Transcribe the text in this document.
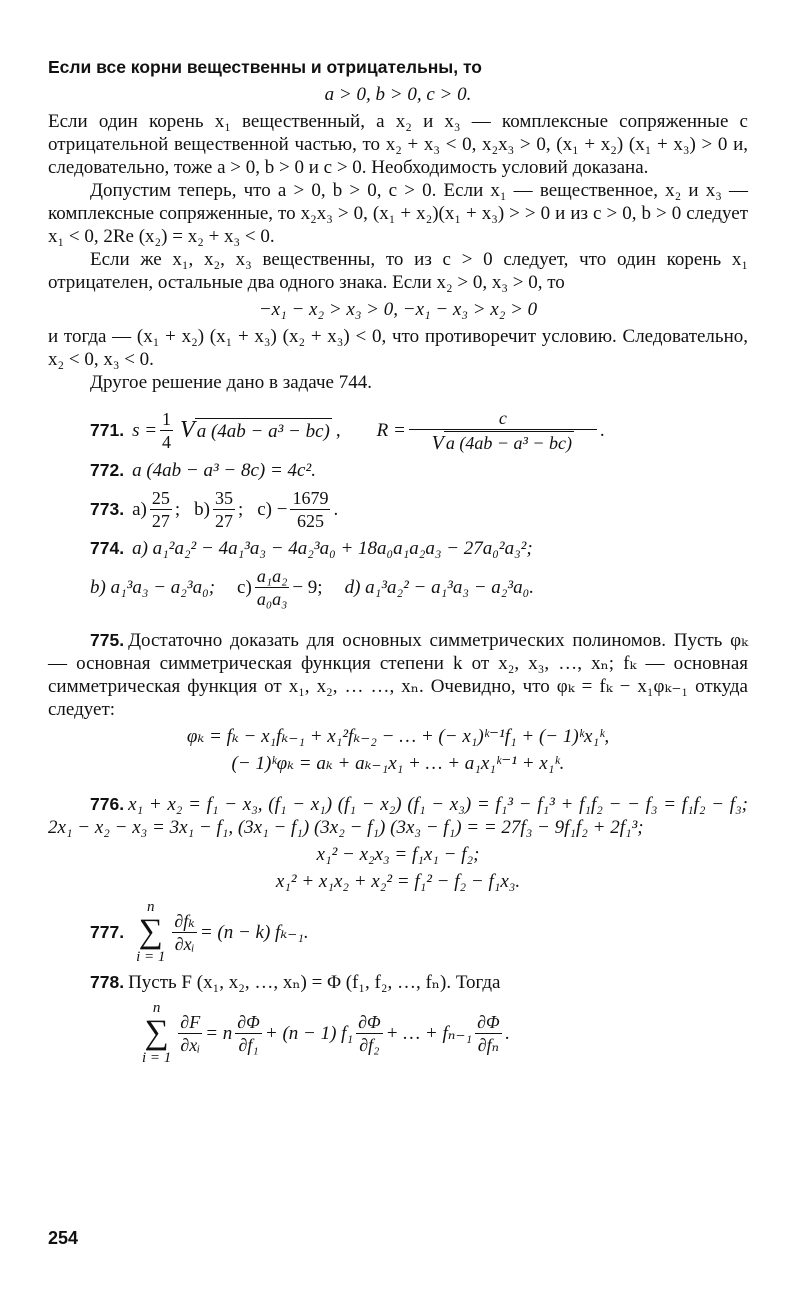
Если все корни вещественны и отрицательны, то

a > 0, b > 0, c > 0.

Если один корень x₁ вещественный, а x₂ и x₃ — комплексные сопряженные с отрицательной вещественной частью, то x₂ + x₃ < 0, x₂x₃ > 0, (x₁ + x₂) (x₁ + x₃) > 0 и, следовательно, тоже a > 0, b > 0 и c > 0. Необходимость условий доказана.

Допустим теперь, что a > 0, b > 0, c > 0. Если x₁ — вещественное, x₂ и x₃ — комплексные сопряженные, то x₂x₃ > 0, (x₁ + x₂)(x₁ + x₃) > > 0 и из c > 0, b > 0 следует x₁ < 0, 2Re (x₂) = x₂ + x₃ < 0.

Если же x₁, x₂, x₃ вещественны, то из c > 0 следует, что один корень x₁ отрицателен, остальные два одного знака. Если x₂ > 0, x₃ > 0, то

−x₁ − x₂ > x₃ > 0, −x₁ − x₃ > x₂ > 0

и тогда — (x₁ + x₂) (x₁ + x₃) (x₂ + x₃) < 0, что противоречит условию. Следовательно, x₂ < 0, x₃ < 0.

Другое решение дано в задаче 744.

771. $s = \frac{1}{4}$ V a (4ab − a³ − bc) , $R = \frac{c}{\text{V a (4ab − a³ − bc)}}$ .
772. a (4ab − a³ − 8c) = 4c².
773. $a) \frac{25}{27}$ ; $b) \frac{35}{27}$ ; $c) - \frac{1679}{625}$ .
774. a) a₁²a₂² − 4a₁³a₃ − 4a₂³a₀ + 18a₀a₁a₂a₃ − 27a₀²a₃²;
b) a₁³a₃ − a₂³a₀; $c) \frac{\text{a₁a₂}}{\text{a₀a₃}} - 9$; d) a₁³a₂² − a₁³a₃ − a₂³a₀.

775. Достаточно доказать для основных симметрических полиномов. Пусть φₖ — основная симметрическая функция степени k от x₂, x₃, …, xₙ; fₖ — основная симметрическая функция от x₁, x₂, … …, xₙ. Очевидно, что φₖ = fₖ − x₁φₖ₋₁ откуда следует:

φₖ = fₖ − x₁fₖ₋₁ + x₁²fₖ₋₂ − … + (− x₁)ᵏ⁻¹f₁ + (− 1)ᵏx₁ᵏ,

(− 1)ᵏφₖ = aₖ + aₖ₋₁x₁ + … + a₁x₁ᵏ⁻¹ + x₁ᵏ.

776. x₁ + x₂ = f₁ − x₃, (f₁ − x₁) (f₁ − x₂) (f₁ − x₃) = f₁³ − f₁³ + f₁f₂ − − f₃ = f₁f₂ − f₃; 2x₁ − x₂ − x₃ = 3x₁ − f₁, (3x₁ − f₁) (3x₂ − f₁) (3x₃ − f₁) = = 27f₃ − 9f₁f₂ + 2f₁³;

x₁² − x₂x₃ = f₁x₁ − f₂;

x₁² + x₁x₂ + x₂² = f₁² − f₂ − f₁x₃.

777.
n
∑
i = 1
$\frac{\text{∂fₖ}}{\text{∂xᵢ}} = (n - k)$ fₖ₋₁.

778. Пусть F (x₁, x₂, …, xₙ) = Φ (f₁, f₂, …, fₙ). Тогда

n
∑
i = 1
$\frac{\partial F}{\text{∂xᵢ}} = n \frac{\partial\Phi}{\text{∂f₁}} + (n - 1)$ $f_1 \frac{\partial\Phi}{\text{∂f₂}}$ + … + $f_{n-1} \frac{\partial\Phi}{\text{∂fₙ}}$ .
254
